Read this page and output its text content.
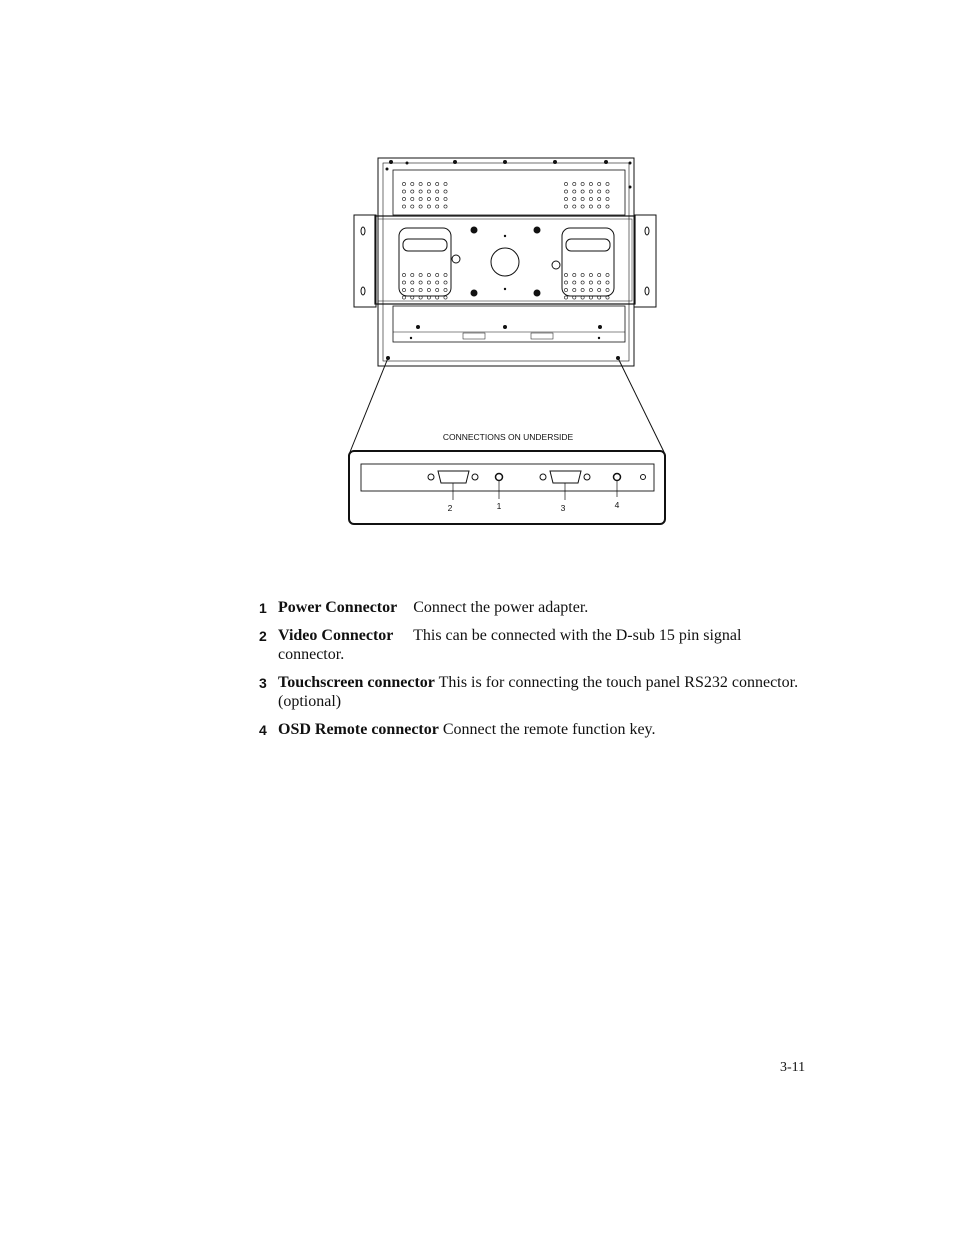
CONNECTIONS ON UNDERSIDE
2	1	3	4
1 Power Connector Connect the power adapter.
2 Video Connector This can be connected with the D-sub 15 pin signal connector.
3 Touchscreen connector This is for connecting the touch panel RS232 connector. (optional)
4 OSD Remote connector Connect the remote function key.
3-11
